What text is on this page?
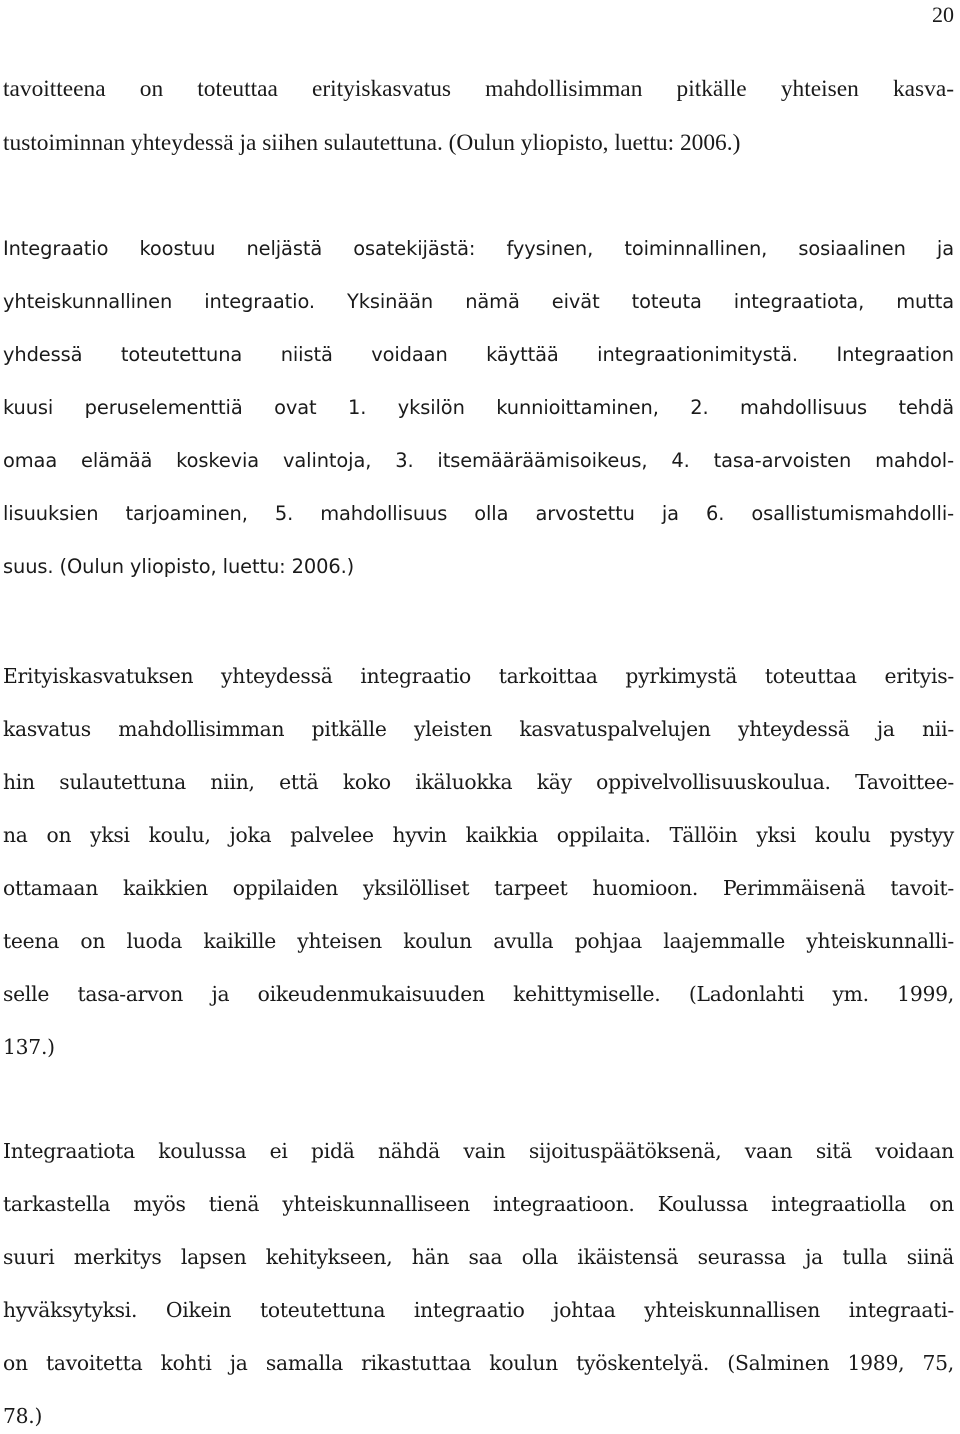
20
tavoitteena on toteuttaa erityiskasvatus mahdollisimman pitkälle yhteisen kasva-
tustoiminnan yhteydessä ja siihen sulautettuna. (Oulun yliopisto, luettu: 2006.)
Integraatio koostuu neljästä osatekijästä: fyysinen, toiminnallinen, sosiaalinen ja
yhteiskunnallinen integraatio. Yksinään nämä eivät toteuta integraatiota, mutta
yhdessä toteutettuna niistä voidaan käyttää integraationimitystä. Integraation
kuusi peruselementtiä ovat 1. yksilön kunnioittaminen, 2. mahdollisuus tehdä
omaa elämää koskevia valintoja, 3. itsemääräämisoikeus, 4. tasa-arvoisten mahdol-
lisuuksien tarjoaminen, 5. mahdollisuus olla arvostettu ja 6. osallistumismahdolli-
suus. (Oulun yliopisto, luettu: 2006.)
Erityiskasvatuksen yhteydessä integraatio tarkoittaa pyrkimystä toteuttaa erityis-
kasvatus mahdollisimman pitkälle yleisten kasvatuspalvelujen yhteydessä ja nii-
hin sulautettuna niin, että koko ikäluokka käy oppivelvollisuuskoulua. Tavoittee-
na on yksi koulu, joka palvelee hyvin kaikkia oppilaita. Tällöin yksi koulu pystyy
ottamaan kaikkien oppilaiden yksilölliset tarpeet huomioon. Perimmäisenä tavoit-
teena on luoda kaikille yhteisen koulun avulla pohjaa laajemmalle yhteiskunnalli-
selle tasa-arvon ja oikeudenmukaisuuden kehittymiselle. (Ladonlahti ym. 1999,
137.)
Integraatiota koulussa ei pidä nähdä vain sijoituspäätöksenä, vaan sitä voidaan
tarkastella myös tienä yhteiskunnalliseen integraatioon. Koulussa integraatiolla on
suuri merkitys lapsen kehitykseen, hän saa olla ikäistensä seurassa ja tulla siinä
hyväksytyksi. Oikein toteutettuna integraatio johtaa yhteiskunnallisen integraati-
on tavoitetta kohti ja samalla rikastuttaa koulun työskentelyä. (Salminen 1989, 75,
78.)
